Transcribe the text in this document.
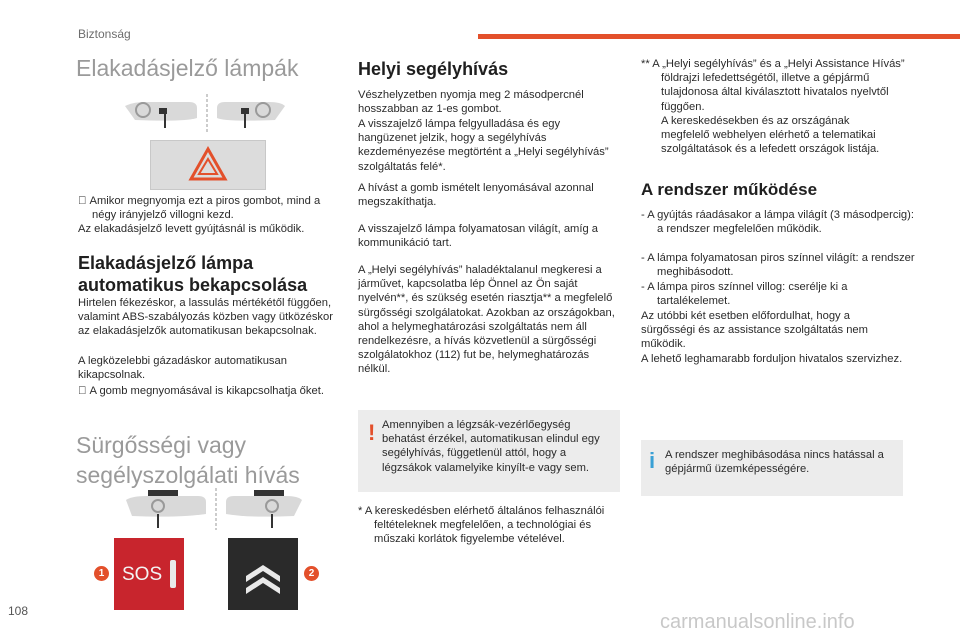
Biztonság
Elakadásjelző lámpák

Amikor megnyomja ezt a piros gombot, mind a négy irányjelző villogni kezd.

Az elakadásjelző levett gyújtásnál is működik.

Elakadásjelző lámpa
automatikus bekapcsolása

Hirtelen fékezéskor, a lassulás mértékétől függően, valamint ABS-szabályozás közben vagy ütközéskor az elakadásjelzők automatikusan bekapcsolnak.

A legközelebbi gázadáskor automatikusan kikapcsolnak.

A gomb megnyomásával is kikapcsolhatja őket.

Sürgősségi vagy
segélyszolgálati hívás
SOS
1	2
Helyi segélyhívás

Vészhelyzetben nyomja meg 2 másodpercnél hosszabban az 1-es gombot.

A visszajelző lámpa felgyulladása és egy hangüzenet jelzik, hogy a segélyhívás kezdeményezése megtörtént a „Helyi segélyhívás” szolgáltatás felé*.

A hívást a gomb ismételt lenyomásával azonnal megszakíthatja.

A visszajelző lámpa folyamatosan világít, amíg a kommunikáció tart.

A „Helyi segélyhívás” haladéktalanul megkeresi a járművet, kapcsolatba lép Önnel az Ön saját nyelvén**, és szükség esetén riasztja** a megfelelő sürgősségi szolgálatokat. Azokban az országokban, ahol a helymeghatározási szolgáltatás nem áll rendelkezésre, a hívás közvetlenül a sürgősségi szolgálatokhoz (112) fut be, helymeghatározás nélkül.

! Amennyiben a légzsák-vezérlőegység behatást érzékel, automatikusan elindul egy segélyhívás, függetlenül attól, hogy a légzsákok valamelyike kinyílt-e vagy sem.

* A kereskedésben elérhető általános felhasználói feltételeknek megfelelően, a technológiai és műszaki korlátok figyelembe vételével.

** A „Helyi segélyhívás” és a „Helyi Assistance Hívás” földrajzi lefedettségétől, illetve a gépjármű tulajdonosa által kiválasztott hivatalos nyelvtől függően.

A kereskedésekben és az országának megfelelő webhelyen elérhető a telematikai szolgáltatások és a lefedett országok listája.

A rendszer működése

- A gyújtás ráadásakor a lámpa világít (3 másodpercig): a rendszer megfelelően működik.

- A lámpa folyamatosan piros színnel világít: a rendszer meghibásodott.

- A lámpa piros színnel villog: cserélje ki a tartalékelemet.

Az utóbbi két esetben előfordulhat, hogy a sürgősségi és az assistance szolgáltatás nem működik.

A lehető leghamarabb forduljon hivatalos szervizhez.

i A rendszer meghibásodása nincs hatással a gépjármű üzemképességére.

108	carmanualsonline.info
